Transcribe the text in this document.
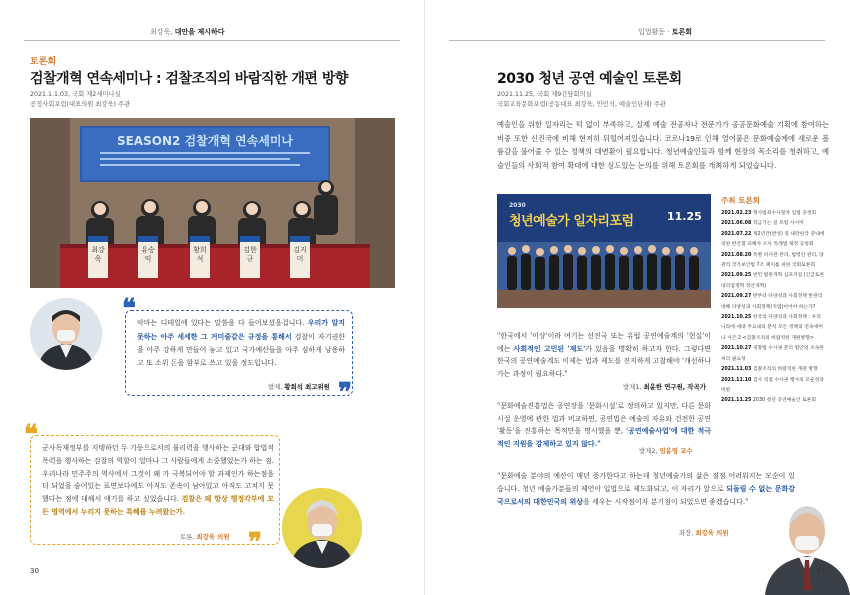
최강욱, 대안을 제시하다
토론회
검찰개혁 연속세미나 : 검찰조직의 바람직한 개편 방향
2021.1.1.03, 국회 제2세미나실
공정사회포럼(대표의원 최강욱) 주관
SEASON2 검찰개혁 연속세미나
최강욱
유승익
황희석
김한규
김지미
❝
❞
악마는 디테일에 있다는 말씀을 다 들어보셨을겁니다. 우리가 알지 못하는 아주 세세한 그 거미줄같은 규정을 통해서 검찰이 자기권한을 아주 강하게 만들어 놓고 있고 국가예산들을 아주 심하게 낭용하고 또 소위 돈을 함부로 쓰고 있을 정도입니다.
발제, 황희석 최고위원
❝
❞
군사독재정부를 지탱하던 두 기둥으로서의 물리력을 행사하는 군대와 합법적 폭력을 행사하는 검찰의 역할이 얼마나 그 사람들에게 소중했었는가 하는 점. 우리나라 민주주의 역사에서 그것이 왜 가 극복되어야 할 과제인가 하는점을 더 되었을 숨어있는 표면보다에도 아직도 존속이 남아있고 아직도 고치지 못했다는 점에 대해서 얘기를 하고 싶었습니다. 검찰은 왜 항상 행정각부에 모든 영역에서 누리지 못하는 특혜를 누려왔는가.
토론, 최강욱 의원
30
입법활동 · 토론회
2030 청년 공연 예술인 토론회
2021.11.25, 국회 제9간담회의실
국회교육문화포럼(공동대표 최강욱, 안민석, 예술인단체) 주관
예술인을 위한 일자리는 턱 없이 부족하고, 실제 예술 전공자나 전문가가 공공문화예술 기획에 참여하는 비중 또한 신진국에 비해 현저히 뒤떨어져있습니다. 코로나19로 인해 얼어붙은 문화예술계에 새로운 볼륨감을 불어줄 수 있는 정책의 대변환이 필요합니다. 청년예술인들과 함께 현장의 목소리를 청취하고, 예술인들의 사회적 참여 확대에 대한 심도있는 논의를 위해 토론회를 개최하게 되었습니다.
2030
청년예술가 일자리포럼	11.25
주최 토론회
2021.02.23 형사범죄수사절차 입법 공청회
2021.06.08 작금기는 길 포럼 사시미
2021.07.22 제2년간(반성) 중 내란한국 관내에 의한 반간첩 피해자 조사 특례법 제정 공청회
2021.08.20 특별 비서관 관리, 법령안 관리, 당 관리 국가보안법 7조 폐지를 위한 국회토론회
2021.09.25 반민 법원개혁 심포지엄 (긴급토론 대리점개혁 정안개혁)
2021.09.27 반부터 다양성과 사회정책 반관리 대해 다양성과 사회정책(지엽)이어야 하는가?
2021.10.25 한국의 다양성과 사회정책 : 우리나라에 세대 주요내의 분석 모든 정책의 연속세미나 시즌 2 <검찰조직의 바람직한 개편방향>
2021.10.27 경찰법 수사권 분리 법안의 조속한 처리 필요성
2021.11.03 검찰조직의 바람직한 개편 방향
2021.11.10 검사 직접 수사권 행사의 모순성과 비판
2021.11.25 2030 청년 공연예술인 토론회
"한국에서 '이상'이라 여기는 선진국 또는 유럽 공연예술계의 '현실'이에는 사회적인 고민된 '제도'가 있음을 명확히 하고자 한다. 그렇다면 한국의 공연예술계도 이제는 법과 제도를 진지하게 고찰해야 '개선하나가는 과정이 필요하다."
발제1, 최윤한 연구원, 작곡가
"문화예술진흥법은 공연장을 '문화시설'로 정의하고 있지만, 다른 문화시설 운영에 관한 법과 비교하면, 공연법은 예술의 자유와 건전한 공연 '활동'을 진흥하는 목적만을 명시했을 뿐, '공연예술사업'에 대한 적극적인 지원을 강제하고 있지 않다."
발제2, 임윤영 교수
"문화예술 분야의 예산이 매년 증가한다고 하는데 청년예술가의 삶은 점점 어려워지는 모순이 있습니다. 청년 예술가분들의 제언이 입법으로 제도화되고, 이 자리가 앞으로 되돌릴 수 없는 문화강국으로서의 대한민국의 위상을 세우는 시작점이자 분기점이 되었으면 좋겠습니다."
좌장, 최강욱 의원
31
